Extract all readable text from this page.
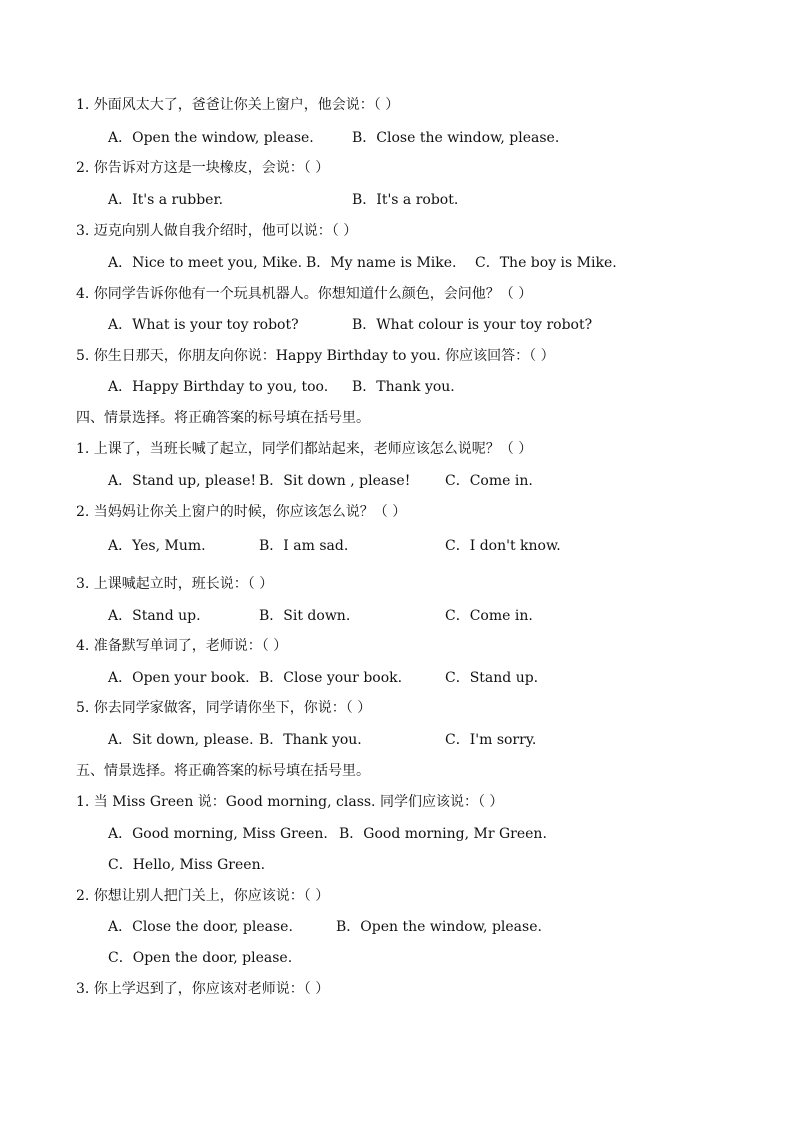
1. 外面风太大了，爸爸让你关上窗户，他会说：（ ）
A．Open the window, please.	B．Close the window, please.
2. 你告诉对方这是一块橡皮，会说：（ ）
A．It's a rubber.	B．It's a robot.
3. 迈克向别人做自我介绍时，他可以说：（ ）
A．Nice to meet you, Mike. B．My name is Mike. C．The boy is Mike.
4. 你同学告诉你他有一个玩具机器人。你想知道什么颜色，会问他？（ ）
A．What is your toy robot?	B．What colour is your toy robot?
5. 你生日那天，你朋友向你说：Happy Birthday to you. 你应该回答：（ ）
A．Happy Birthday to you, too. B．Thank you.
四、情景选择。将正确答案的标号填在括号里。
1. 上课了，当班长喊了起立，同学们都站起来，老师应该怎么说呢？（ ）
A．Stand up, please! B．Sit down , please! C．Come in.
2. 当妈妈让你关上窗户的时候，你应该怎么说？（ ）
A．Yes, Mum.	B．I am sad.	C．I don't know.
3. 上课喊起立时，班长说：（ ）
A．Stand up.	B．Sit down.	C．Come in.
4. 准备默写单词了，老师说：（ ）
A．Open your book. B．Close your book.	C．Stand up.
5. 你去同学家做客，同学请你坐下，你说：（ ）
A．Sit down, please. B．Thank you.	C．I'm sorry.
五、情景选择。将正确答案的标号填在括号里。
1. 当 Miss Green 说：Good morning, class. 同学们应该说：（ ）
A．Good morning, Miss Green. B．Good morning, Mr Green.
C．Hello, Miss Green.
2. 你想让别人把门关上，你应该说：（ ）
A．Close the door, please.	B．Open the window, please.
C．Open the door, please.
3. 你上学迟到了，你应该对老师说：（ ）
